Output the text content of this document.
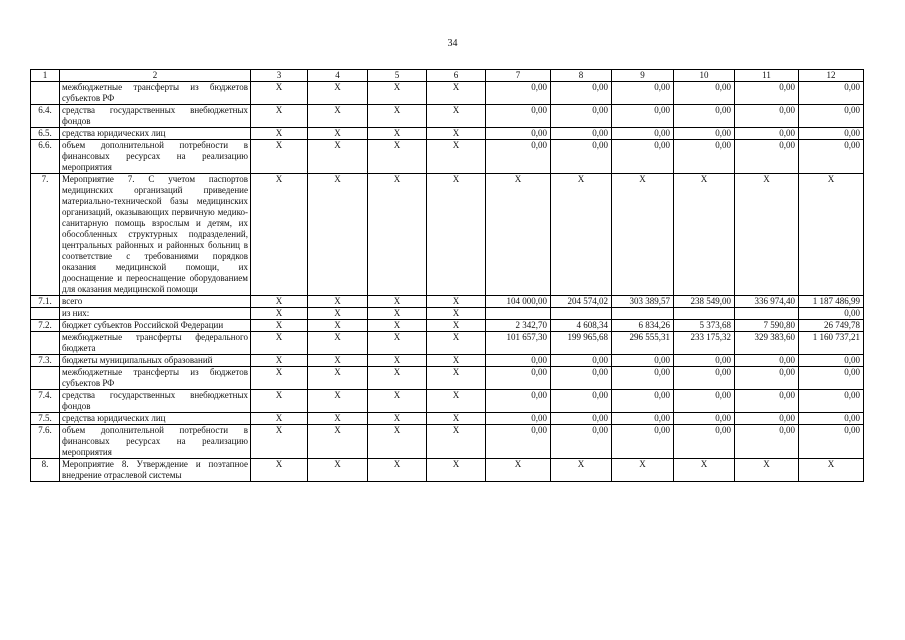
34
1	2	3	4	5	6	7	8	9	10	11	12
	межбюджетные трансферты из бюджетов субъектов РФ	X	X	X	X	0,00	0,00	0,00	0,00	0,00	0,00
6.4.	средства государственных внебюджетных фондов	X	X	X	X	0,00	0,00	0,00	0,00	0,00	0,00
6.5.	средства юридических лиц	X	X	X	X	0,00	0,00	0,00	0,00	0,00	0,00
6.6.	объем дополнительной потребности в финансовых ресурсах на реализацию мероприятия	X	X	X	X	0,00	0,00	0,00	0,00	0,00	0,00
7.	Мероприятие 7. С учетом паспортов медицинских организаций приведение материально-технической базы медицинских организаций, оказывающих первичную медико-санитарную помощь взрослым и детям, их обособленных структурных подразделений, центральных районных и районных больниц в соответствие с требованиями порядков оказания медицинской помощи, их дооснащение и переоснащение оборудованием для оказания медицинской помощи	X	X	X	X	X	X	X	X	X	X
7.1.	всего	X	X	X	X	104 000,00	204 574,02	303 389,57	238 549,00	336 974,40	1 187 486,99
	из них:	X	X	X	X						0,00
7.2.	бюджет субъектов Российской Федерации	X	X	X	X	2 342,70	4 608,34	6 834,26	5 373,68	7 590,80	26 749,78
	межбюджетные трансферты федерального бюджета	X	X	X	X	101 657,30	199 965,68	296 555,31	233 175,32	329 383,60	1 160 737,21
7.3.	бюджеты муниципальных образований	X	X	X	X	0,00	0,00	0,00	0,00	0,00	0,00
	межбюджетные трансферты из бюджетов субъектов РФ	X	X	X	X	0,00	0,00	0,00	0,00	0,00	0,00
7.4.	средства государственных внебюджетных фондов	X	X	X	X	0,00	0,00	0,00	0,00	0,00	0,00
7.5.	средства юридических лиц	X	X	X	X	0,00	0,00	0,00	0,00	0,00	0,00
7.6.	объем дополнительной потребности в финансовых ресурсах на реализацию мероприятия	X	X	X	X	0,00	0,00	0,00	0,00	0,00	0,00
8.	Мероприятие 8. Утверждение и поэтапное внедрение отраслевой системы	X	X	X	X	X	X	X	X	X	X
